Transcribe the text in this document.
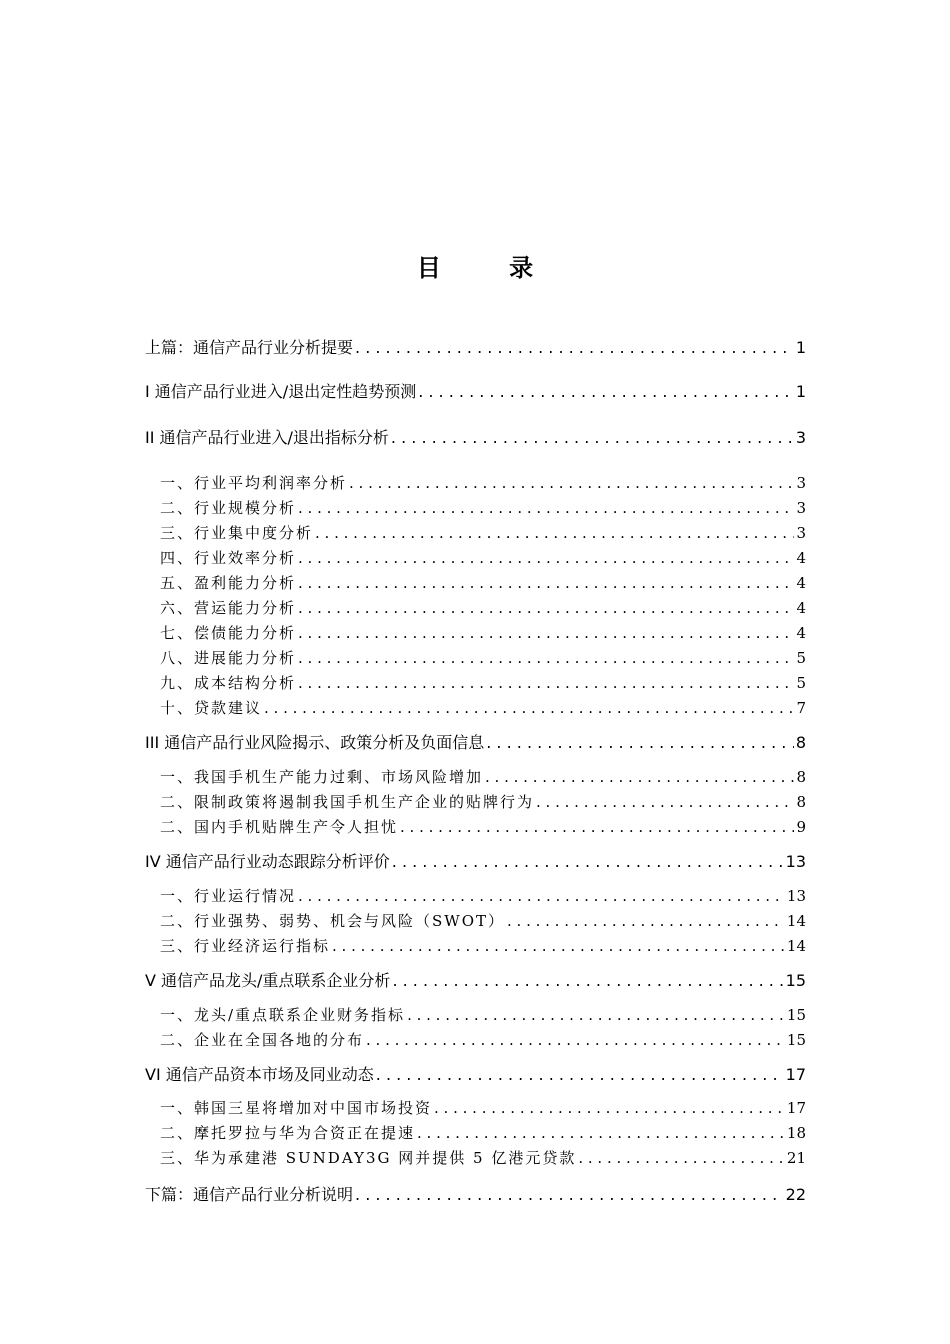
目 录
上篇：通信产品行业分析提要 . . .	1
I 通信产品行业进入/退出定性趋势预测 . . .	1
II 通信产品行业进入/退出指标分析 . . .	3
一、行业平均利润率分析 . . .	3
二、行业规模分析 . . .	3
三、行业集中度分析 . . .	3
四、行业效率分析 . . .	4
五、盈利能力分析 . . .	4
六、营运能力分析 . . .	4
七、偿债能力分析 . . .	4
八、进展能力分析 . . .	5
九、成本结构分析 . . .	5
十、贷款建议 . . .	7
III 通信产品行业风险揭示、政策分析及负面信息 . . .	8
一、我国手机生产能力过剩、市场风险增加 . . .	8
二、限制政策将遏制我国手机生产企业的贴牌行为 . . .	8
二、国内手机贴牌生产令人担忧 . . .	9
IV 通信产品行业动态跟踪分析评价 . . .	13
一、行业运行情况 . . .	13
二、行业强势、弱势、机会与风险（SWOT） . . .	14
三、行业经济运行指标 . . .	14
V 通信产品龙头/重点联系企业分析 . . .	15
一、龙头/重点联系企业财务指标 . . .	15
二、企业在全国各地的分布 . . .	15
VI 通信产品资本市场及同业动态 . . .	17
一、韩国三星将增加对中国市场投资 . . .	17
二、摩托罗拉与华为合资正在提速 . . .	18
三、华为承建港 SUNDAY3G 网并提供 5 亿港元贷款 . . .	21
下篇：通信产品行业分析说明 . . .	22
